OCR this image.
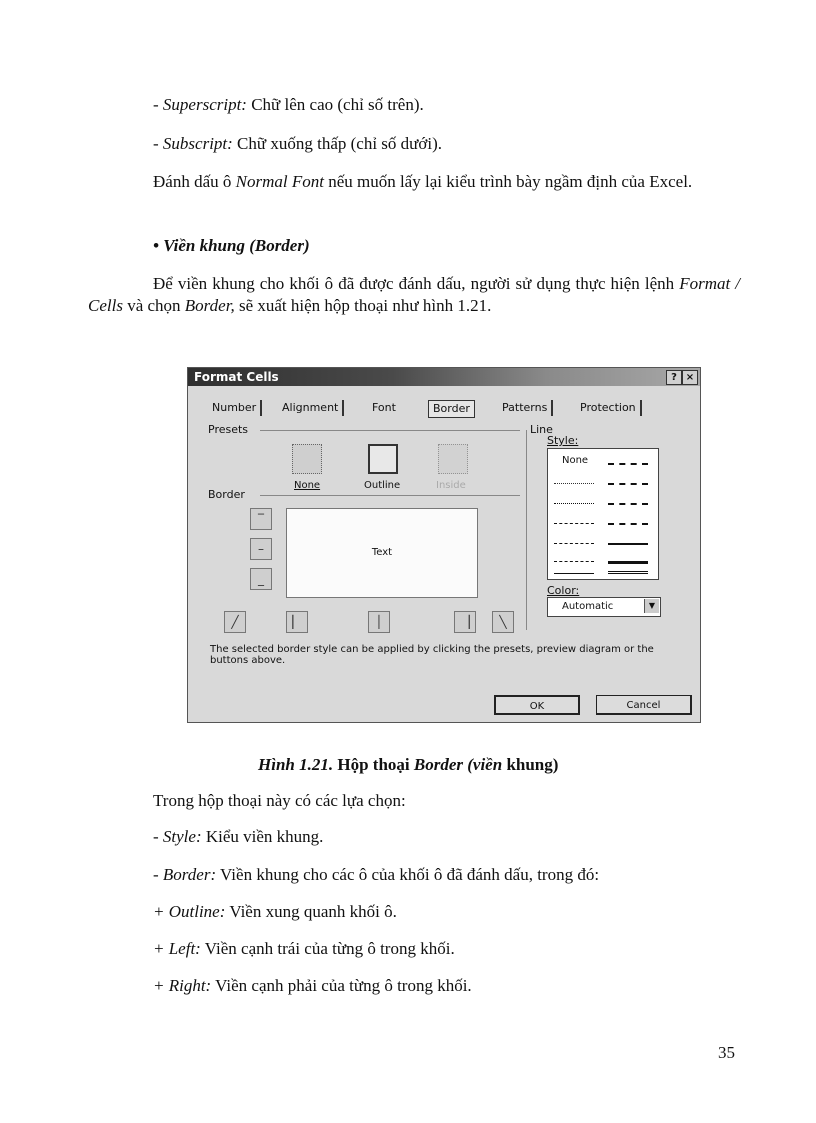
- Superscript: Chữ lên cao (chỉ số trên).

- Subscript: Chữ xuống thấp (chỉ số dưới).

Đánh dấu ô Normal Font nếu muốn lấy lại kiểu trình bày ngầm định của Excel.

• Viền khung (Border)

Để viền khung cho khối ô đã được đánh dấu, người sử dụng thực hiện lệnh Format / Cells và chọn Border, sẽ xuất hiện hộp thoại như hình 1.21.

Format Cells	? ×
Number	Alignment	Font	Border	Patterns	Protection
Presets
None	Outline	Inside
Border
‾
–
_
Text
╱	▏	│	▕	╲
Line
Style:
None
Color:
Automatic	▼
The selected border style can be applied by clicking the presets, preview diagram or the buttons above.
OK	Cancel

Hình 1.21. Hộp thoại Border (viền khung)

Trong hộp thoại này có các lựa chọn:

- Style: Kiểu viền khung.

- Border: Viền khung cho các ô của khối ô đã đánh dấu, trong đó:

+ Outline: Viền xung quanh khối ô.

+ Left: Viền cạnh trái của từng ô trong khối.

+ Right: Viền cạnh phải của từng ô trong khối.

35
